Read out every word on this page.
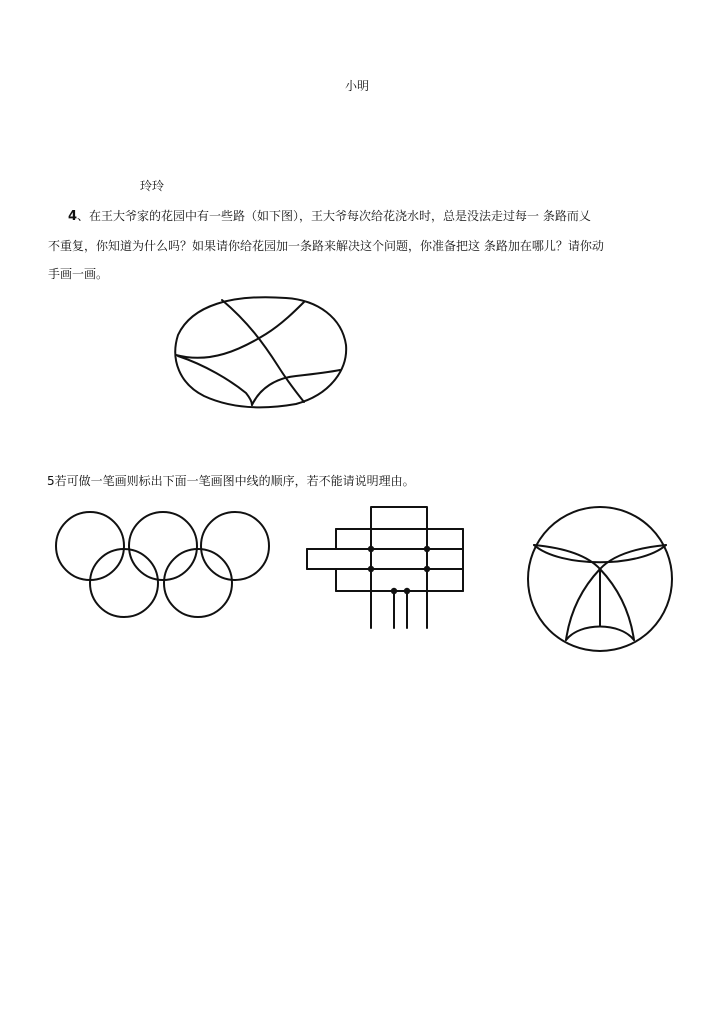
小明
玲玲
4、在王大爷家的花园中有一些路（如下图），王大爷每次给花浇水时，总是没法走过每一 条路而乂
不重复，你知道为什么吗？如果请你给花园加一条路来解决这个问题，你准备把这 条路加在哪儿？请你动
手画一画。
5若可做一笔画则标出下面一笔画图中线的顺序，若不能请说明理由。
